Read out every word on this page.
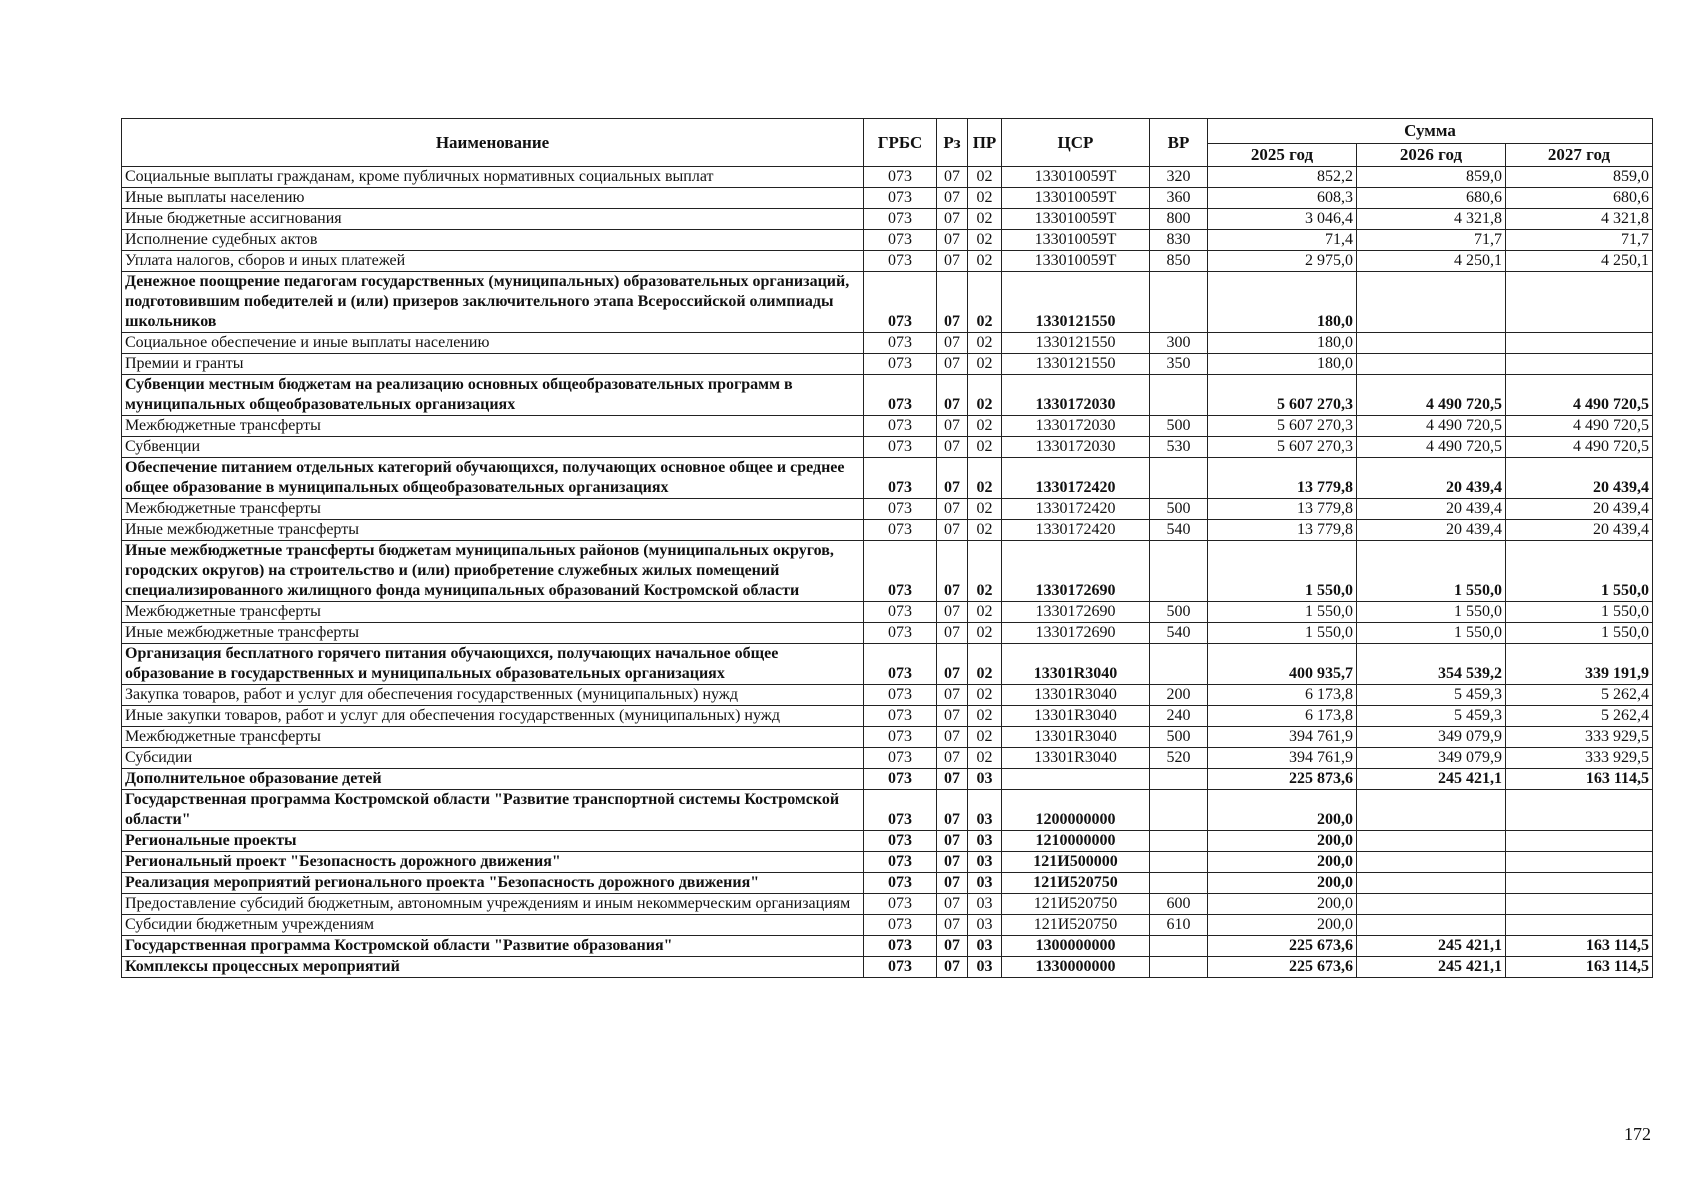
Наименование	ГРБС	Рз	ПР	ЦСР	ВР	Сумма		
						2025 год	2026 год	2027 год
Социальные выплаты гражданам, кроме публичных нормативных социальных выплат	073	07	02	133010059Т	320	852,2	859,0	859,0
Иные выплаты населению	073	07	02	133010059Т	360	608,3	680,6	680,6
Иные бюджетные ассигнования	073	07	02	133010059Т	800	3 046,4	4 321,8	4 321,8
Исполнение судебных актов	073	07	02	133010059Т	830	71,4	71,7	71,7
Уплата налогов, сборов и иных платежей	073	07	02	133010059Т	850	2 975,0	4 250,1	4 250,1
Денежное поощрение педагогам государственных (муниципальных) образовательных организаций, подготовившим победителей и (или) призеров заключительного этапа Всероссийской олимпиады школьников	073	07	02	1330121550		180,0		
Социальное обеспечение и иные выплаты населению	073	07	02	1330121550	300	180,0		
Премии и гранты	073	07	02	1330121550	350	180,0		
Субвенции местным бюджетам на реализацию основных общеобразовательных программ в муниципальных общеобразовательных организациях	073	07	02	1330172030		5 607 270,3	4 490 720,5	4 490 720,5
Межбюджетные трансферты	073	07	02	1330172030	500	5 607 270,3	4 490 720,5	4 490 720,5
Субвенции	073	07	02	1330172030	530	5 607 270,3	4 490 720,5	4 490 720,5
Обеспечение питанием отдельных категорий обучающихся, получающих основное общее и среднее общее образование в муниципальных общеобразовательных организациях	073	07	02	1330172420		13 779,8	20 439,4	20 439,4
Межбюджетные трансферты	073	07	02	1330172420	500	13 779,8	20 439,4	20 439,4
Иные межбюджетные трансферты	073	07	02	1330172420	540	13 779,8	20 439,4	20 439,4
Иные межбюджетные трансферты бюджетам муниципальных районов (муниципальных округов, городских округов) на строительство и (или) приобретение служебных жилых помещений специализированного жилищного фонда муниципальных образований Костромской области	073	07	02	1330172690		1 550,0	1 550,0	1 550,0
Межбюджетные трансферты	073	07	02	1330172690	500	1 550,0	1 550,0	1 550,0
Иные межбюджетные трансферты	073	07	02	1330172690	540	1 550,0	1 550,0	1 550,0
Организация бесплатного горячего питания обучающихся, получающих начальное общее образование в государственных и муниципальных образовательных организациях	073	07	02	13301R3040		400 935,7	354 539,2	339 191,9
Закупка товаров, работ и услуг для обеспечения государственных (муниципальных) нужд	073	07	02	13301R3040	200	6 173,8	5 459,3	5 262,4
Иные закупки товаров, работ и услуг для обеспечения государственных (муниципальных) нужд	073	07	02	13301R3040	240	6 173,8	5 459,3	5 262,4
Межбюджетные трансферты	073	07	02	13301R3040	500	394 761,9	349 079,9	333 929,5
Субсидии	073	07	02	13301R3040	520	394 761,9	349 079,9	333 929,5
Дополнительное образование детей	073	07	03			225 873,6	245 421,1	163 114,5
Государственная программа Костромской области "Развитие транспортной системы Костромской области"	073	07	03	1200000000		200,0		
Региональные проекты	073	07	03	1210000000		200,0		
Региональный проект "Безопасность дорожного движения"	073	07	03	121И500000		200,0		
Реализация мероприятий регионального проекта "Безопасность дорожного движения"	073	07	03	121И520750		200,0		
Предоставление субсидий бюджетным, автономным учреждениям и иным некоммерческим организациям	073	07	03	121И520750	600	200,0		
Субсидии бюджетным учреждениям	073	07	03	121И520750	610	200,0		
Государственная программа Костромской области "Развитие образования"	073	07	03	1300000000		225 673,6	245 421,1	163 114,5
Комплексы процессных мероприятий	073	07	03	1330000000		225 673,6	245 421,1	163 114,5
172
